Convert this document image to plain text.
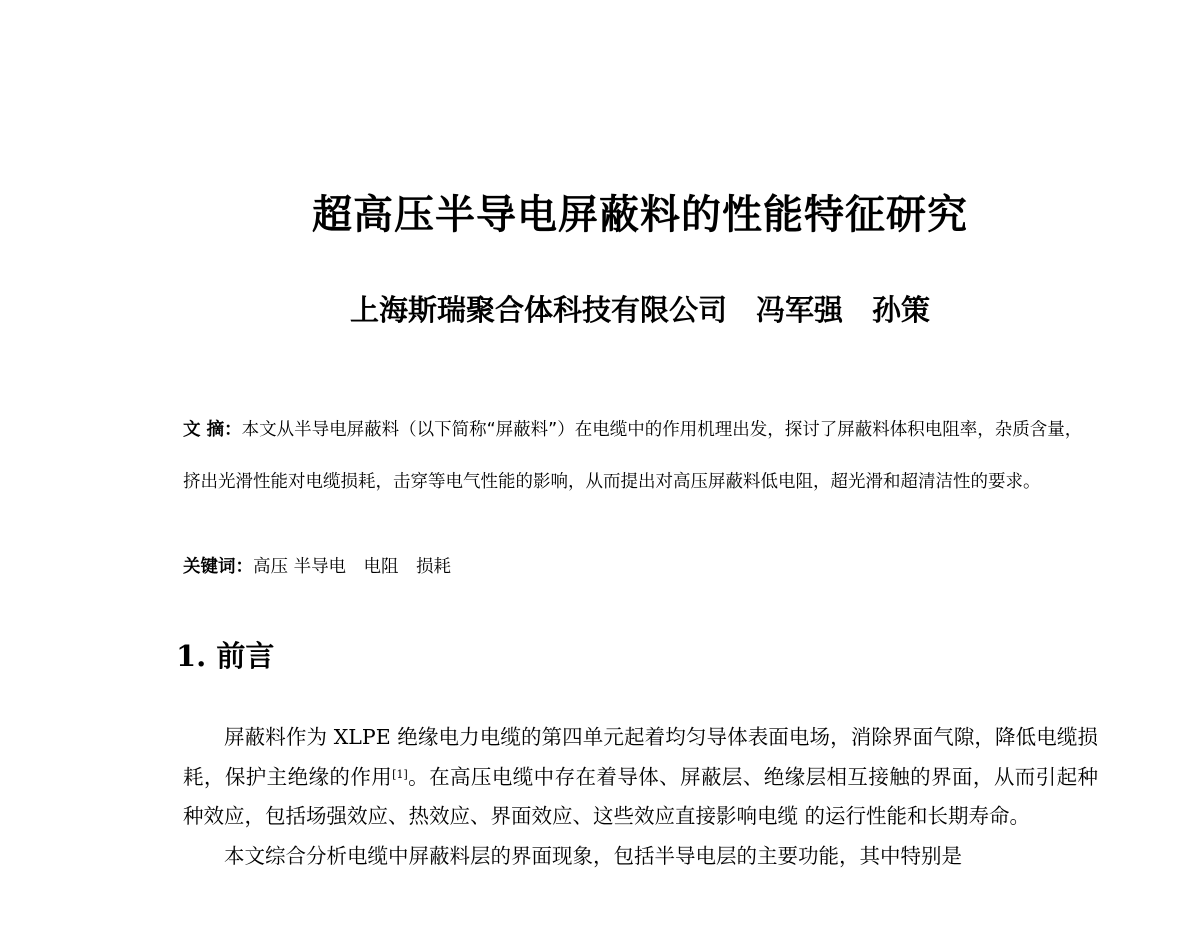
超高压半导电屏蔽料的性能特征研究
上海斯瑞聚合体科技有限公司　冯军强　孙策
文 摘：本文从半导电屏蔽料（以下简称“屏蔽料”）在电缆中的作用机理出发，探讨了屏蔽料体积电阻率，杂质含量，挤出光滑性能对电缆损耗，击穿等电气性能的影响，从而提出对高压屏蔽料低电阻，超光滑和超清洁性的要求。
关键词：高压 半导电　电阻　损耗
1. 前言

屏蔽料作为 XLPE 绝缘电力电缆的第四单元起着均匀导体表面电场，消除界面气隙，降低电缆损耗，保护主绝缘的作用[1]。在高压电缆中存在着导体、屏蔽层、绝缘层相互接触的界面，从而引起种种效应，包括场强效应、热效应、界面效应、这些效应直接影响电缆 的运行性能和长期寿命。

本文综合分析电缆中屏蔽料层的界面现象，包括半导电层的主要功能，其中特别是
